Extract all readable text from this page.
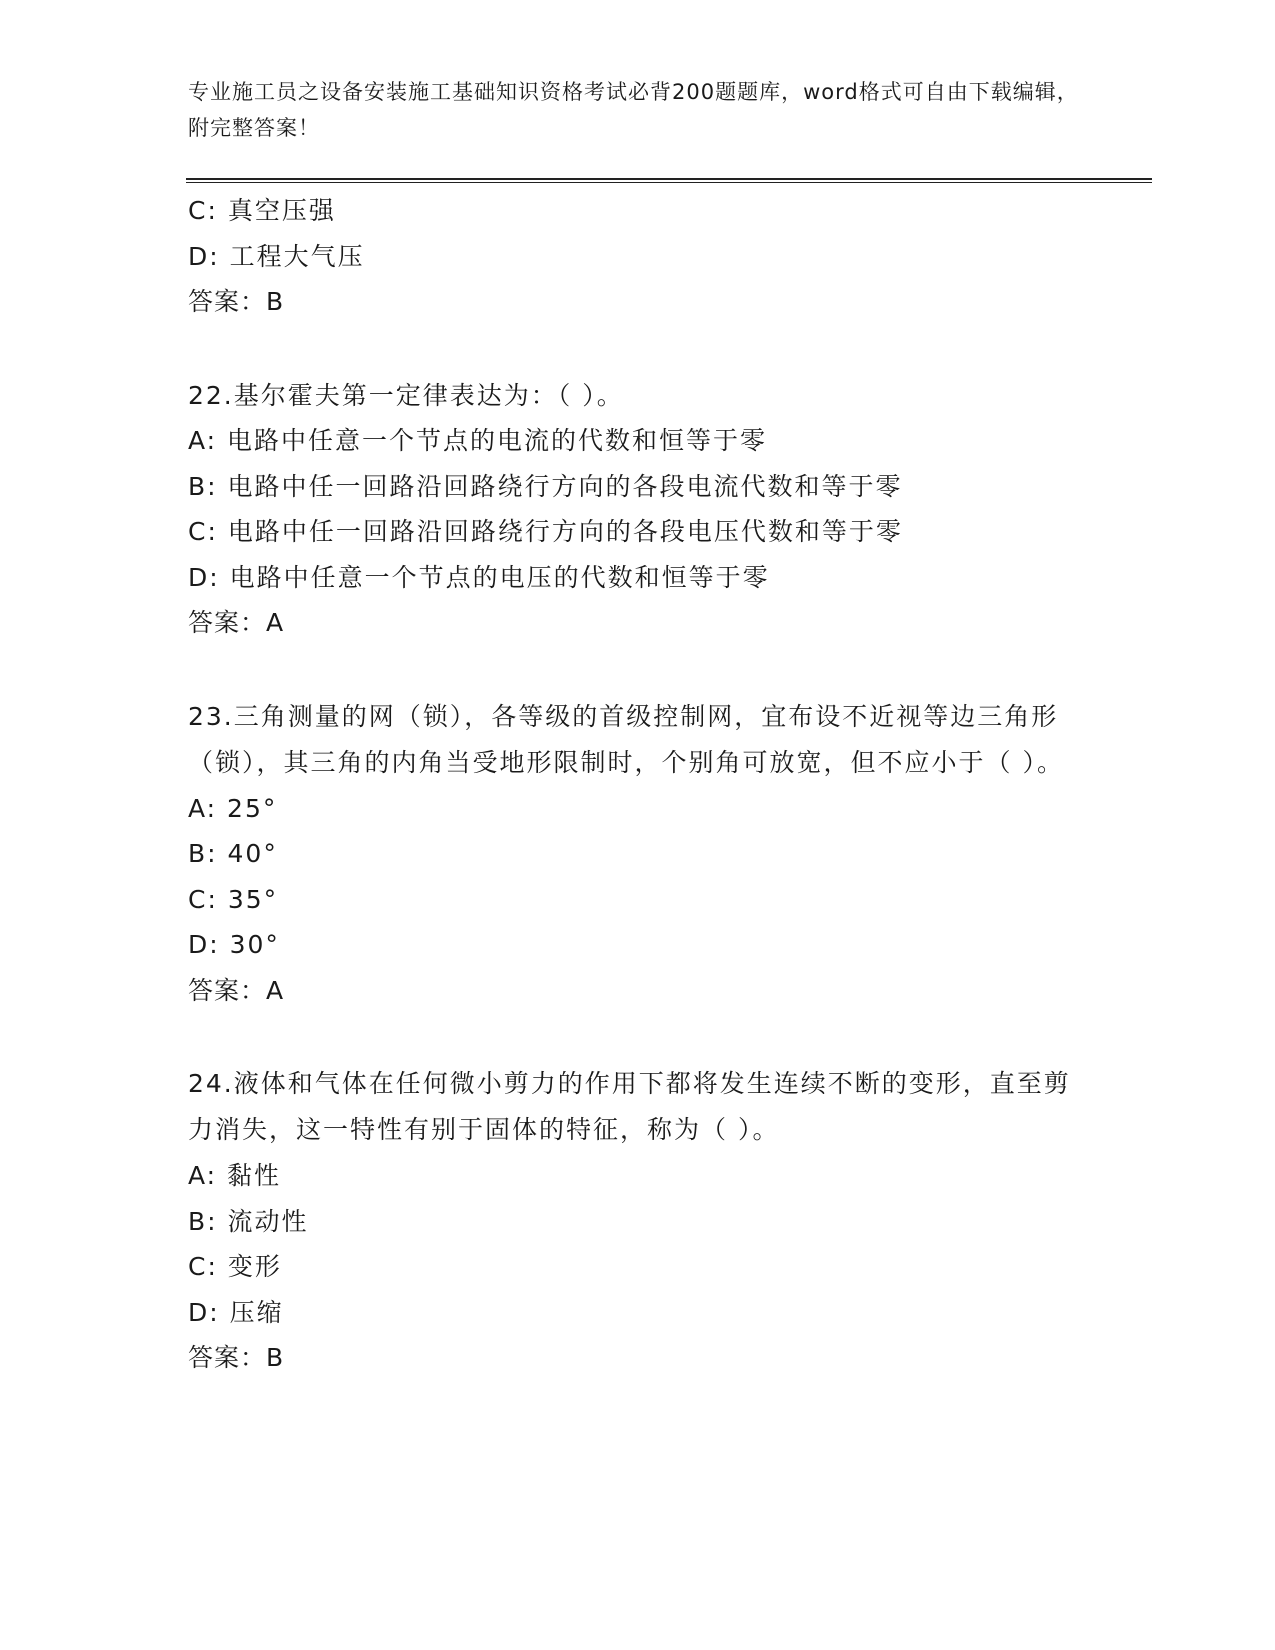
专业施工员之设备安装施工基础知识资格考试必背200题题库，word格式可自由下载编辑，附完整答案！
C: 真空压强
D: 工程大气压
答案：B
22.基尔霍夫第一定律表达为：（ ）。
A: 电路中任意一个节点的电流的代数和恒等于零
B: 电路中任一回路沿回路绕行方向的各段电流代数和等于零
C: 电路中任一回路沿回路绕行方向的各段电压代数和等于零
D: 电路中任意一个节点的电压的代数和恒等于零
答案：A
23.三角测量的网（锁），各等级的首级控制网，宜布设不近视等边三角形（锁），其三角的内角当受地形限制时，个别角可放宽，但不应小于（ ）。
A: 25°
B: 40°
C: 35°
D: 30°
答案：A
24.液体和气体在任何微小剪力的作用下都将发生连续不断的变形，直至剪力消失，这一特性有别于固体的特征，称为（ ）。
A: 黏性
B: 流动性
C: 变形
D: 压缩
答案：B
